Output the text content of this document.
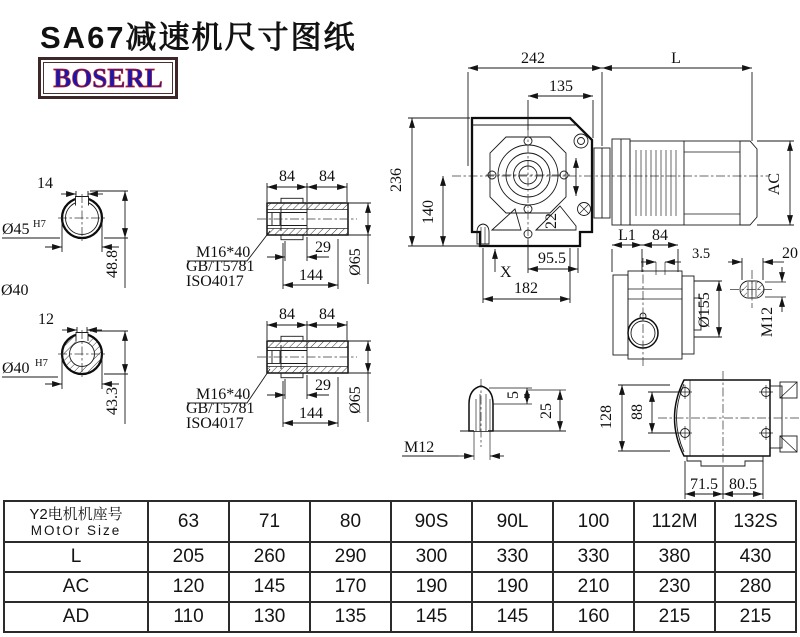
SA67减速机尺寸图纸
BOSERL
14
Ø45 H7
48.8
Ø40
12
Ø40 H7
43.3
84 84
29
144 Ø65
M16*40
GB/T5781
ISO4017
84 84
29
144 Ø65
M16*40
GB/T5781
ISO4017
22
X
242	L
135
236
140
95.5
182
AC
L1 84
3.5
Ø155
20
M12
128 88
71.5 80.5
5
25
M12
Y2电机机座号
MOtOr Size	63	71	80	90S	90L	100	112M	132S
L	205	260	290	300	330	330	380	430
AC	120	145	170	190	190	210	230	280
AD	110	130	135	145	145	160	215	215
